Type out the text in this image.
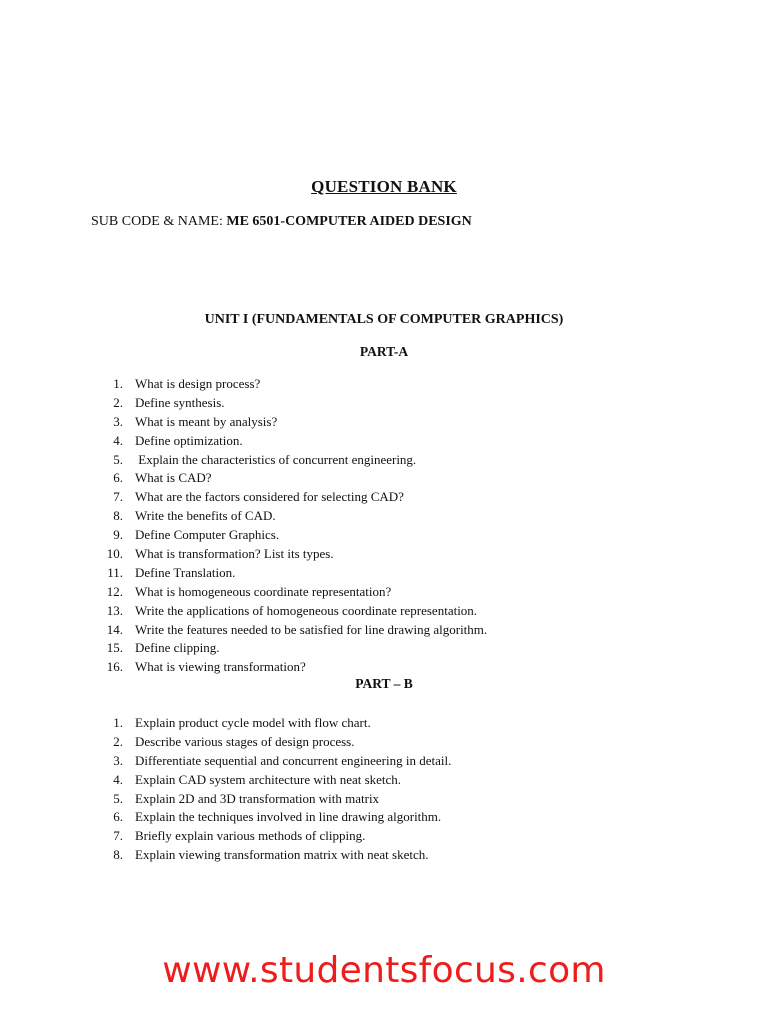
QUESTION BANK
SUB CODE & NAME: ME 6501-COMPUTER AIDED DESIGN
UNIT I (FUNDAMENTALS OF COMPUTER GRAPHICS)
PART-A
1. What is design process?
2. Define synthesis.
3. What is meant by analysis?
4. Define optimization.
5. Explain the characteristics of concurrent engineering.
6. What is CAD?
7. What are the factors considered for selecting CAD?
8. Write the benefits of CAD.
9. Define Computer Graphics.
10. What is transformation? List its types.
11. Define Translation.
12. What is homogeneous coordinate representation?
13. Write the applications of homogeneous coordinate representation.
14. Write the features needed to be satisfied for line drawing algorithm.
15. Define clipping.
16. What is viewing transformation?
PART – B
1. Explain product cycle model with flow chart.
2. Describe various stages of design process.
3. Differentiate sequential and concurrent engineering in detail.
4. Explain CAD system architecture with neat sketch.
5. Explain 2D and 3D transformation with matrix
6. Explain the techniques involved in line drawing algorithm.
7. Briefly explain various methods of clipping.
8. Explain viewing transformation matrix with neat sketch.
www.studentsfocus.com
